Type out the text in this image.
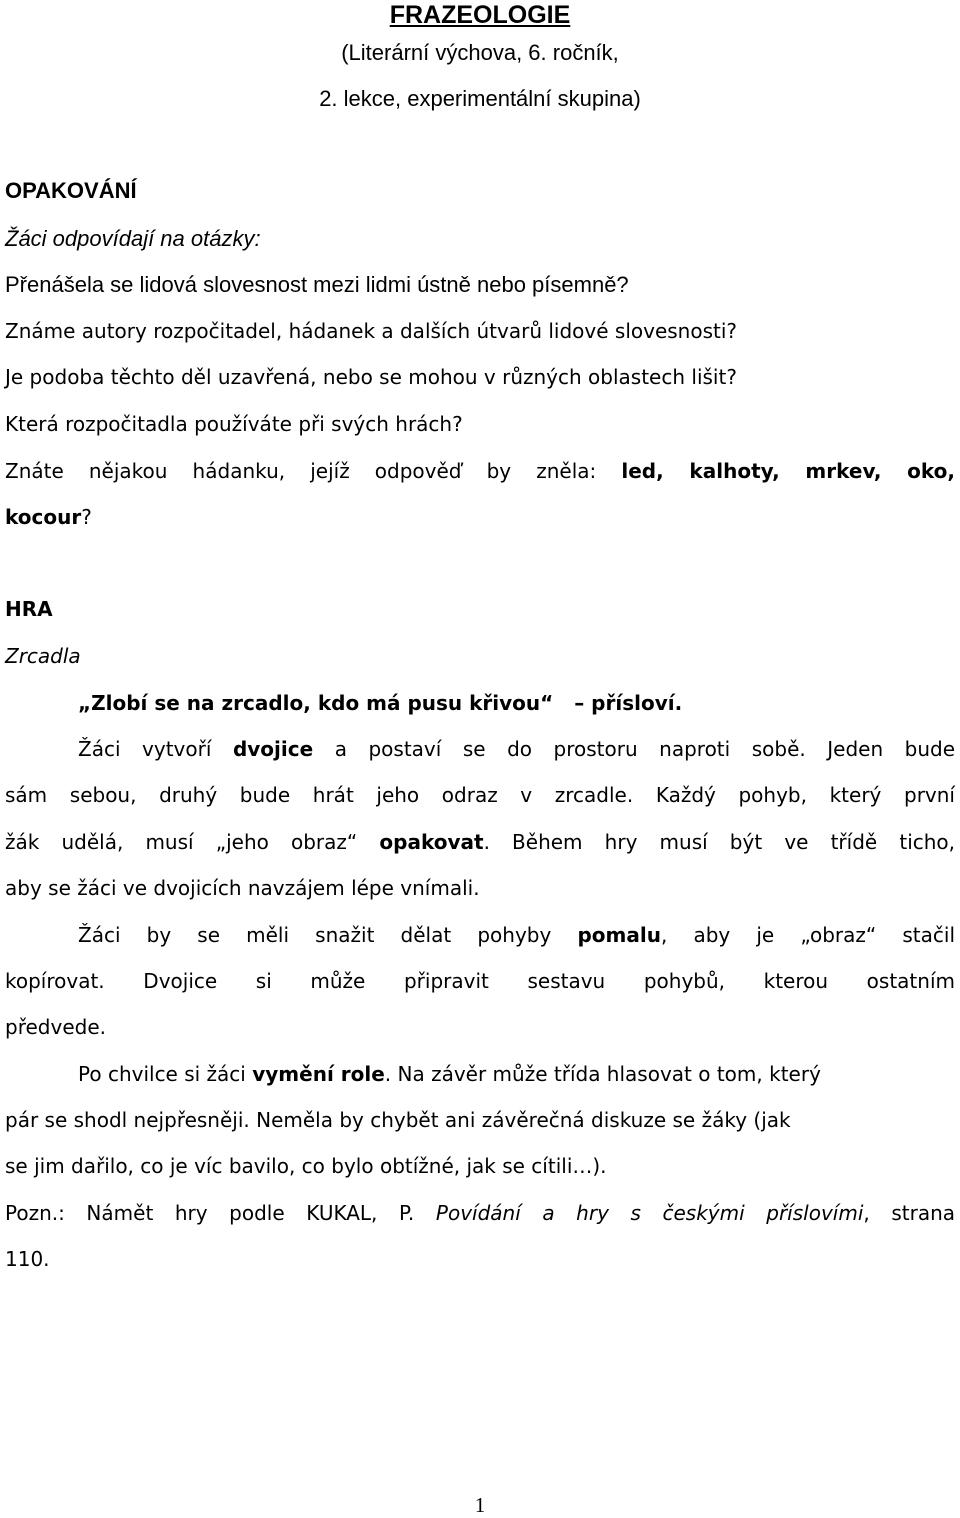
FRAZEOLOGIE
(Literární výchova, 6. ročník,
2. lekce, experimentální skupina)
OPAKOVÁNÍ
Žáci odpovídají na otázky:
Přenášela se lidová slovesnost mezi lidmi ústně nebo písemně?
Známe autory rozpočitadel, hádanek a dalších útvarů lidové slovesnosti?
Je podoba těchto děl uzavřená, nebo se mohou v různých oblastech lišit?
Která rozpočitadla používáte při svých hrách?
Znáte nějakou hádanku, jejíž odpověď by zněla: led, kalhoty, mrkev, oko,
kocour?
HRA
Zrcadla
„Zlobí se na zrcadlo, kdo má pusu křivou“ – přísloví.
Žáci vytvoří dvojice a postaví se do prostoru naproti sobě. Jeden bude
sám sebou, druhý bude hrát jeho odraz v zrcadle. Každý pohyb, který první
žák udělá, musí „jeho obraz“ opakovat. Během hry musí být ve třídě ticho,
aby se žáci ve dvojicích navzájem lépe vnímali.
Žáci by se měli snažit dělat pohyby pomalu, aby je „obraz“ stačil
kopírovat. Dvojice si může připravit sestavu pohybů, kterou ostatním
předvede.
Po chvilce si žáci vymění role. Na závěr může třída hlasovat o tom, který
pár se shodl nejpřesněji. Neměla by chybět ani závěrečná diskuze se žáky (jak
se jim dařilo, co je víc bavilo, co bylo obtížné, jak se cítili…).
Pozn.: Námět hry podle KUKAL, P. Povídání a hry s českými příslovími, strana
110.
1
